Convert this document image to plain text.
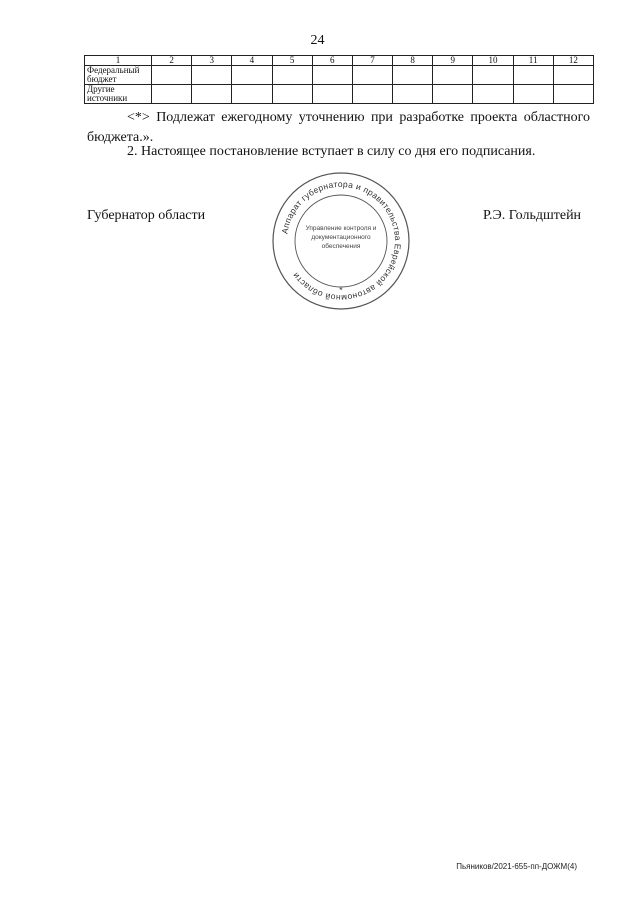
24
1	2	3	4	5	6	7	8	9	10	11	12
Федеральный бюджет											
Другие источники											

<*> Подлежат ежегодному уточнению при разработке проекта областного бюджета.».

2. Настоящее постановление вступает в силу со дня его подписания.

Губернатор области	Р.Э. Гольдштейн
Аппарат губернатора и правительства Еврейской автономной области
Управление контроля и
документационного
обеспечения
*
Пьяников/2021-655-пп-ДОЖМ(4)
